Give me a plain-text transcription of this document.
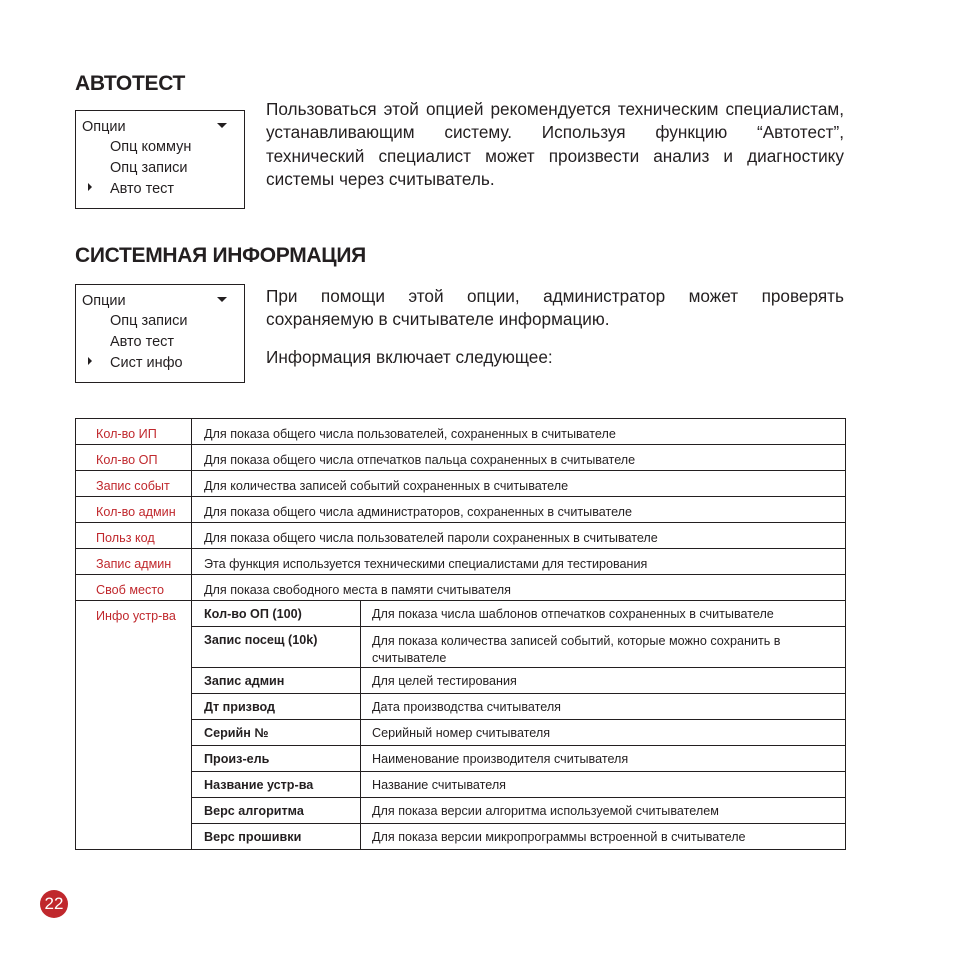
АВТОТЕСТ
Опции
Опц коммун
Опц записи
Авто тест
Пользоваться этой опцией рекомендуется техническим специалистам, устанавливающим систему. Используя функцию “Автотест”, технический специалист может произвести анализ и диагностику системы через считыватель.
СИСТЕМНАЯ ИНФОРМАЦИЯ
Опции
Опц записи
Авто тест
Сист инфо
При помощи этой опции, администратор может проверять сохраняемую в считывателе информацию.
Информация включает следующее:
Кол-во ИП	Для показа общего числа пользователей, сохраненных в считывателе	
Кол-во ОП	Для показа общего числа отпечатков пальца сохраненных в считывателе	
Запис событ	Для количества записей событий сохраненных в считывателе	
Кол-во админ	Для показа общего числа администраторов, сохраненных в считывателе	
Польз код	Для показа общего числа пользователей пароли сохраненных в считывателе	
Запис админ	Эта функция используется техническими специалистами для тестирования	
Своб место	Для показа свободного места в памяти считывателя	
Инфо устр-ва	Кол-во ОП (100)	Для показа числа шаблонов отпечатков сохраненных в считывателе
	Запис посещ (10k)	Для показа количества записей событий, которые можно сохранить в считывателе
	Запис админ	Для целей тестирования
	Дт призвод	Дата производства считывателя
	Серийн №	Серийный номер считывателя
	Произ-ель	Наименование производителя считывателя
	Название устр-ва	Название считывателя
	Верс алгоритма	Для показа версии алгоритма используемой считывателем
	Верс прошивки	Для показа версии микропрограммы встроенной в считывателе
22
